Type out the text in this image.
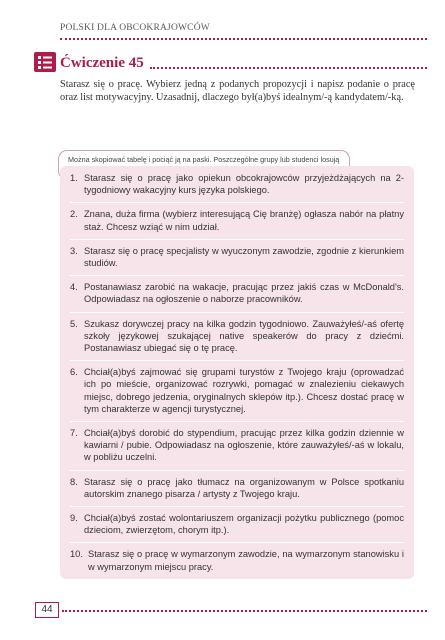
POLSKI DLA OBCOKRAJOWCÓW
Ćwiczenie 45
Starasz się o pracę. Wybierz jedną z podanych propozycji i napisz podanie o pracę oraz list motywacyjny. Uzasadnij, dlaczego był(a)byś idealnym/-ą kandydatem/-ką.
Można skopiować tabelę i pociąć ją na paski. Poszczególne grupy lub studenci losują
1. Starasz się o pracę jako opiekun obcokrajowców przyjeżdżających na 2-tygodniowy wakacyjny kurs języka polskiego.
2. Znana, duża firma (wybierz interesującą Cię branżę) ogłasza nabór na płatny staż. Chcesz wziąć w nim udział.
3. Starasz się o pracę specjalisty w wyuczonym zawodzie, zgodnie z kierunkiem studiów.
4. Postanawiasz zarobić na wakacje, pracując przez jakiś czas w McDonald's. Odpowiadasz na ogłoszenie o naborze pracowników.
5. Szukasz dorywczej pracy na kilka godzin tygodniowo. Zauważyłeś/-aś ofertę szkoły językowej szukającej native speakerów do pracy z dziećmi. Postanawiasz ubiegać się o tę pracę.
6. Chciał(a)byś zajmować się grupami turystów z Twojego kraju (oprowadzać ich po mieście, organizować rozrywki, pomagać w znalezieniu ciekawych miejsc, dobrego jedzenia, oryginalnych sklepów itp.). Chcesz dostać pracę w tym charakterze w agencji turystycznej.
7. Chciał(a)byś dorobić do stypendium, pracując przez kilka godzin dziennie w kawiarni / pubie. Odpowiadasz na ogłoszenie, które zauważyłeś/-aś w lokalu, w pobliżu uczelni.
8. Starasz się o pracę jako tłumacz na organizowanym w Polsce spotkaniu autorskim znanego pisarza / artysty z Twojego kraju.
9. Chciał(a)byś zostać wolontariuszem organizacji pożytku publicznego (pomoc dzieciom, zwierzętom, chorym itp.).
10. Starasz się o pracę w wymarzonym zawodzie, na wymarzonym stanowisku i w wymarzonym miejscu pracy.
44
